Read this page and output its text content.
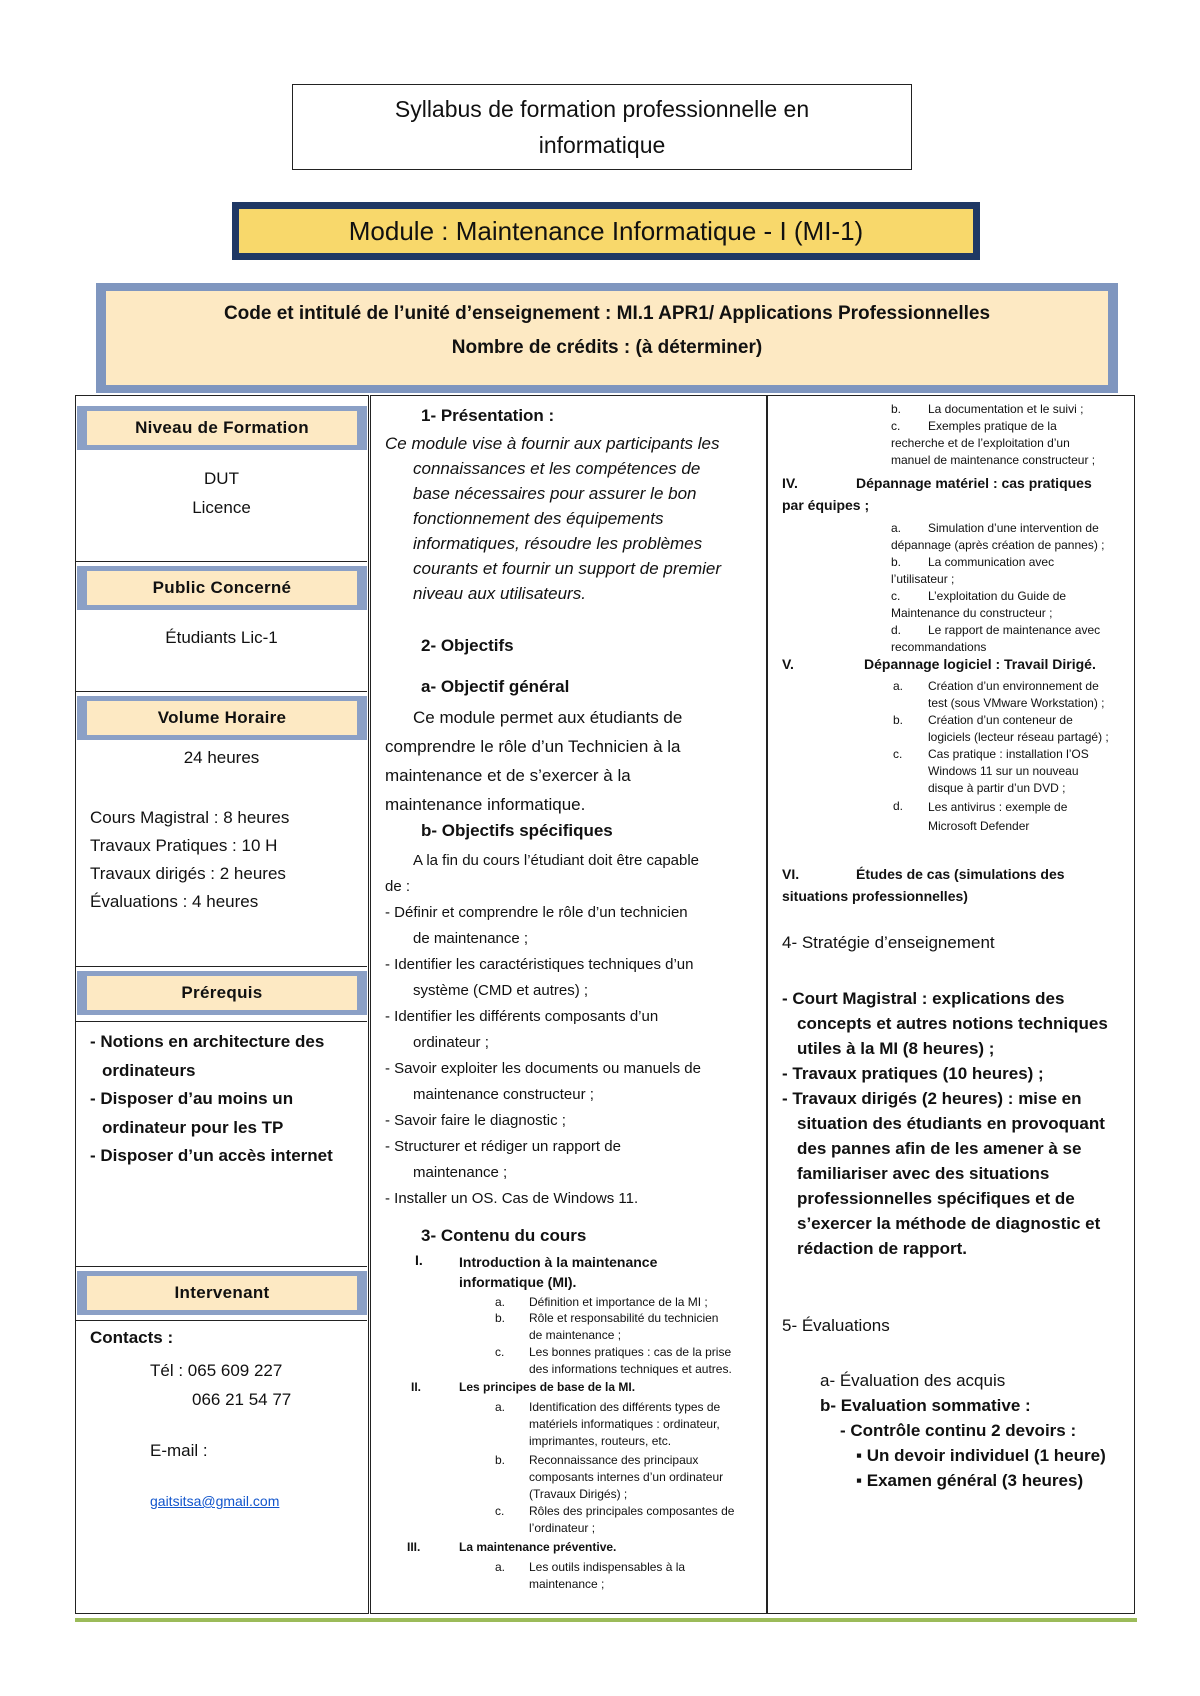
Syllabus de formation professionnelle en
informatique
Module : Maintenance Informatique - I (MI-1)
Code et intitulé de l’unité d’enseignement : MI.1 APR1/ Applications Professionnelles
Nombre de crédits : (à déterminer)
Niveau de Formation
DUT
Licence
Public Concerné
Étudiants Lic-1
Volume Horaire
24 heures
Cours Magistral : 8 heures
Travaux Pratiques : 10 H
Travaux dirigés : 2 heures
Évaluations : 4 heures
Prérequis
- Notions en architecture des
ordinateurs
- Disposer d’au moins un
ordinateur pour les TP
- Disposer d’un accès internet
Intervenant
Contacts :
Tél : 065 609 227
066 21 54 77
E-mail :
gaitsitsa@gmail.com
1- Présentation :
Ce module vise à fournir aux participants les
connaissances et les compétences de
base nécessaires pour assurer le bon
fonctionnement des équipements
informatiques, résoudre les problèmes
courants et fournir un support de premier
niveau aux utilisateurs.
2- Objectifs
a- Objectif général
Ce module permet aux étudiants de
comprendre le rôle d’un Technicien à la
maintenance et de s’exercer à la
maintenance informatique.
b- Objectifs spécifiques
A la fin du cours l’étudiant doit être capable
de :
- Définir et comprendre le rôle d’un technicien
de maintenance ;
- Identifier les caractéristiques techniques d’un
système (CMD et autres) ;
- Identifier les différents composants d’un
ordinateur ;
- Savoir exploiter les documents ou manuels de
maintenance constructeur ;
- Savoir faire le diagnostic ;
- Structurer et rédiger un rapport de
maintenance ;
- Installer un OS. Cas de Windows 11.
3- Contenu du cours
I.	Introduction à la maintenance
informatique (MI).
a.	Définition et importance de la MI ;
b.	Rôle et responsabilité du technicien
de maintenance ;
c.	Les bonnes pratiques : cas de la prise
des informations techniques et autres.
II.	Les principes de base de la MI.
a.	Identification des différents types de
matériels informatiques : ordinateur,
imprimantes, routeurs, etc.
b.	Reconnaissance des principaux
composants internes d’un ordinateur
(Travaux Dirigés) ;
c.	Rôles des principales composantes de
l’ordinateur ;
III.	La maintenance préventive.
a.	Les outils indispensables à la
maintenance ;
b.	La documentation et le suivi ;
c.	Exemples pratique de la
recherche et de l’exploitation d’un
manuel de maintenance constructeur ;
IV.	Dépannage matériel : cas pratiques
par équipes ;
a.	Simulation d’une intervention de
dépannage (après création de pannes) ;
b.	La communication avec
l’utilisateur ;
c.	L’exploitation du Guide de
Maintenance du constructeur ;
d.	Le rapport de maintenance avec
recommandations
V.	Dépannage logiciel : Travail Dirigé.
a.	Création d’un environnement de
test (sous VMware Workstation) ;
b.	Création d’un conteneur de
logiciels (lecteur réseau partagé) ;
c.	Cas pratique : installation l’OS
Windows 11 sur un nouveau
disque à partir d’un DVD ;
d.	Les antivirus : exemple de
Microsoft Defender
VI.	Études de cas (simulations des
situations professionnelles)
4- Stratégie d’enseignement
- Court Magistral : explications des
concepts et autres notions techniques
utiles à la MI (8 heures) ;
- Travaux pratiques (10 heures) ;
- Travaux dirigés (2 heures) : mise en
situation des étudiants en provoquant
des pannes afin de les amener à se
familiariser avec des situations
professionnelles spécifiques et de
s’exercer la méthode de diagnostic et
rédaction de rapport.
5- Évaluations
a- Évaluation des acquis
b- Evaluation sommative :
- Contrôle continu 2 devoirs :
▪ Un devoir individuel (1 heure)
▪ Examen général (3 heures)
